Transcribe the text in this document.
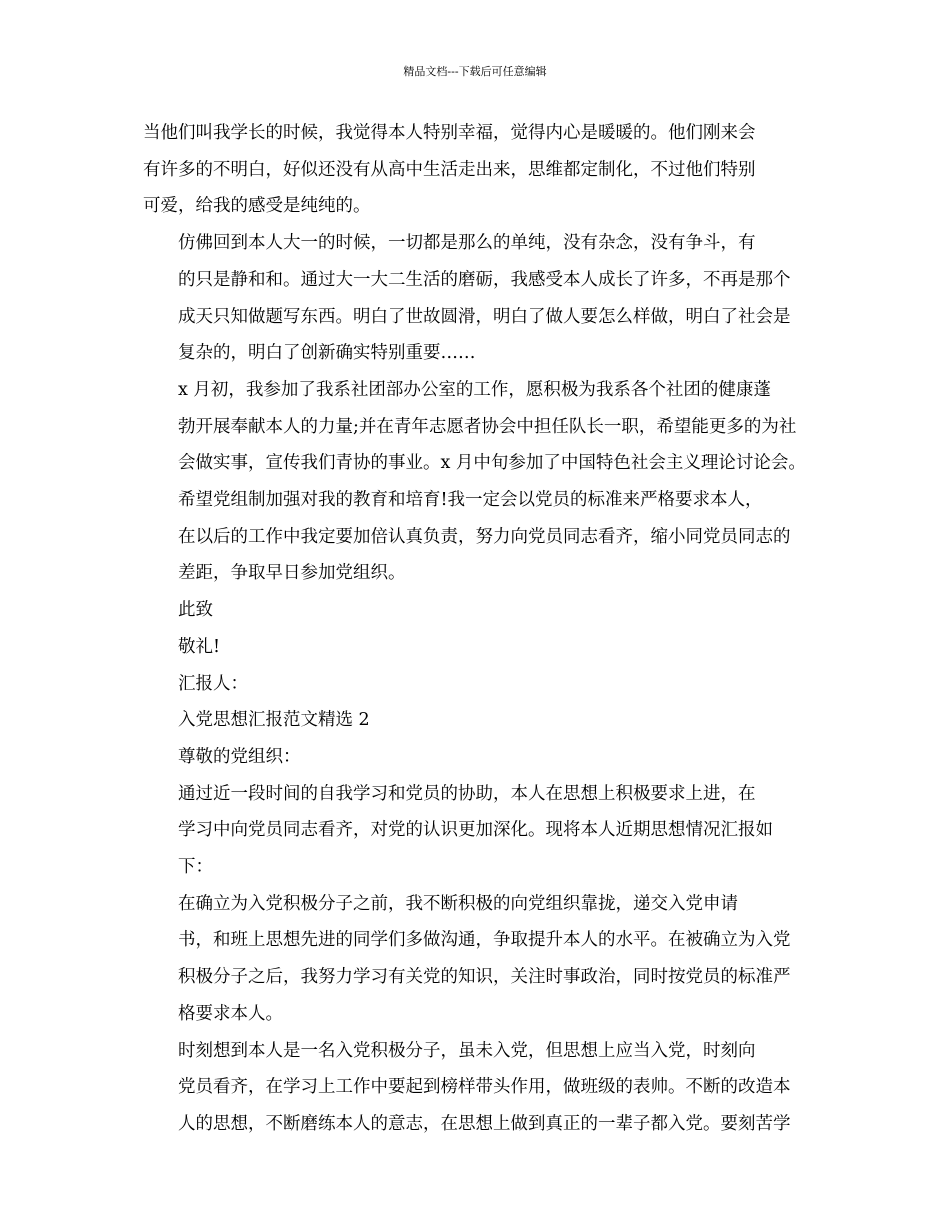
精品文档---下载后可任意编辑

当他们叫我学长的时候，我觉得本人特别幸福，觉得内心是暖暖的。他们刚来会
有许多的不明白，好似还没有从高中生活走出来，思维都定制化，不过他们特别
可爱，给我的感受是纯纯的。

仿佛回到本人大一的时候，一切都是那么的单纯，没有杂念，没有争斗，有
的只是静和和。通过大一大二生活的磨砺，我感受本人成长了许多，不再是那个
成天只知做题写东西。明白了世故圆滑，明白了做人要怎么样做，明白了社会是
复杂的，明白了创新确实特别重要……

x 月初，我参加了我系社团部办公室的工作，愿积极为我系各个社团的健康蓬
勃开展奉献本人的力量;并在青年志愿者协会中担任队长一职，希望能更多的为社
会做实事，宣传我们青协的事业。x 月中旬参加了中国特色社会主义理论讨论会。

希望党组制加强对我的教育和培育!我一定会以党员的标准来严格要求本人，
在以后的工作中我定要加倍认真负责，努力向党员同志看齐，缩小同党员同志的
差距，争取早日参加党组织。

此致

敬礼!

汇报人：

入党思想汇报范文精选 2

尊敬的党组织：

通过近一段时间的自我学习和党员的协助，本人在思想上积极要求上进，在
学习中向党员同志看齐，对党的认识更加深化。现将本人近期思想情况汇报如
下：

在确立为入党积极分子之前，我不断积极的向党组织靠拢，递交入党申请
书，和班上思想先进的同学们多做沟通，争取提升本人的水平。在被确立为入党
积极分子之后，我努力学习有关党的知识，关注时事政治，同时按党员的标准严
格要求本人。

时刻想到本人是一名入党积极分子，虽未入党，但思想上应当入党，时刻向
党员看齐，在学习上工作中要起到榜样带头作用，做班级的表帅。不断的改造本
人的思想，不断磨练本人的意志，在思想上做到真正的一辈子都入党。要刻苦学
